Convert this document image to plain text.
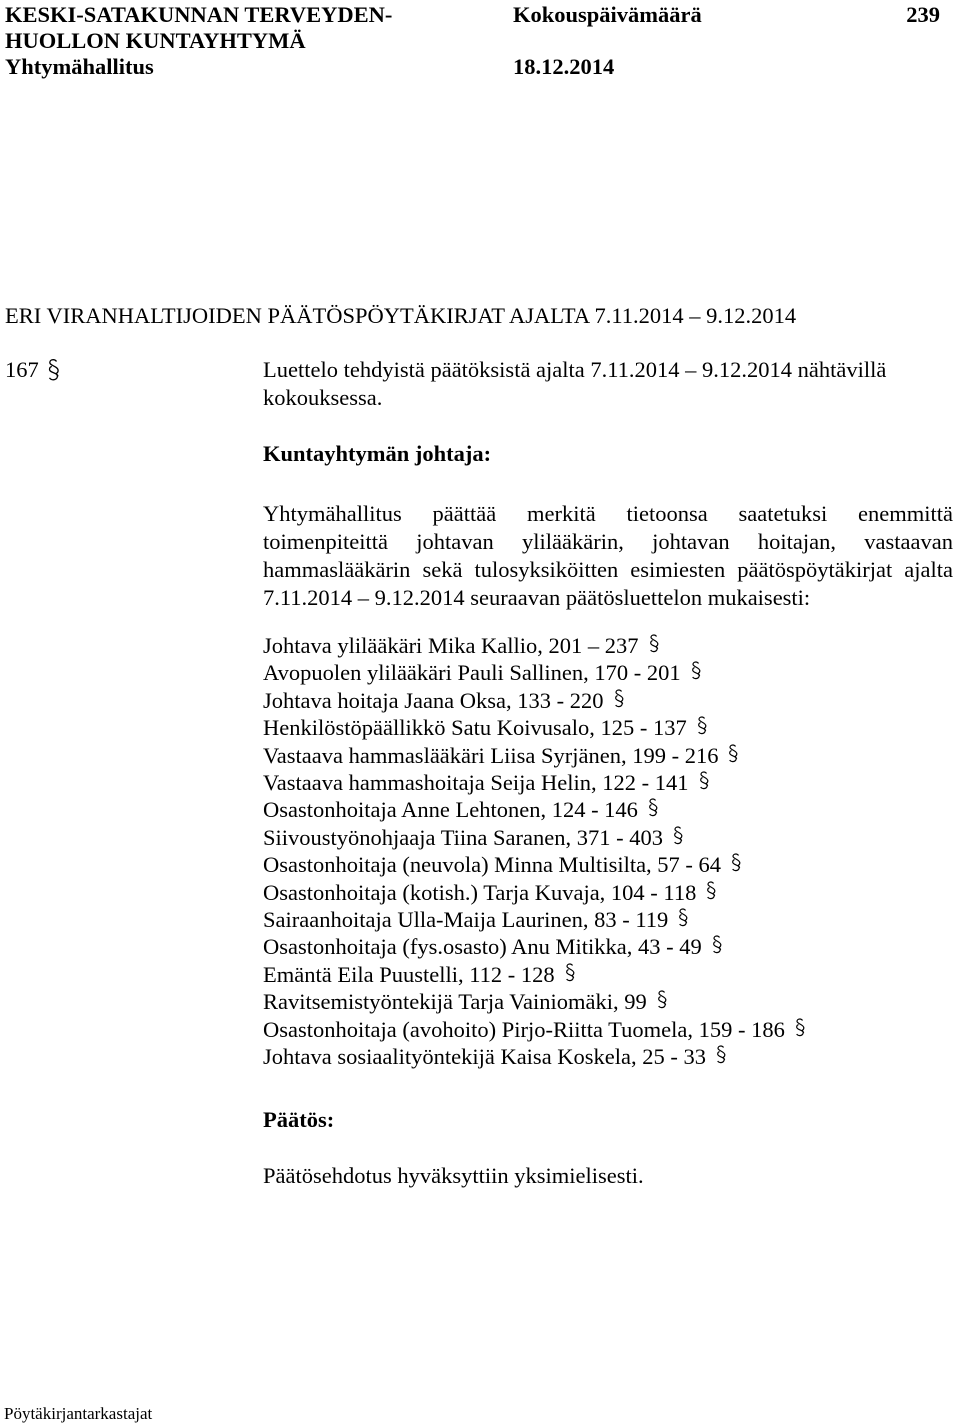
KESKI-SATAKUNNAN TERVEYDEN-
HUOLLON KUNTAYHTYMÄ
Kokouspäivämäärä	239
Yhtymähallitus	18.12.2014
ERI VIRANHALTIJOIDEN PÄÄTÖSPÖYTÄKIRJAT AJALTA 7.11.2014 – 9.12.2014
167	Luettelo tehdyistä päätöksistä ajalta 7.11.2014 – 9.12.2014 nähtävillä kokouksessa.
Kuntayhtymän johtaja:
Yhtymähallitus päättää merkitä tietoonsa saatetuksi enemmittä toimenpiteittä johtavan ylilääkärin, johtavan hoitajan, vastaavan hammaslääkärin sekä tulosyksiköitten esimiesten päätöspöytäkirjat ajalta 7.11.2014 – 9.12.2014 seuraavan päätösluettelon mukaisesti:
Johtava ylilääkäri Mika Kallio, 201 – 237
Avopuolen ylilääkäri Pauli Sallinen, 170 - 201
Johtava hoitaja Jaana Oksa, 133 - 220
Henkilöstöpäällikkö Satu Koivusalo, 125 - 137
Vastaava hammaslääkäri Liisa Syrjänen, 199 - 216
Vastaava hammashoitaja Seija Helin, 122 - 141
Osastonhoitaja Anne Lehtonen, 124 - 146
Siivoustyönohjaaja Tiina Saranen, 371 - 403
Osastonhoitaja (neuvola) Minna Multisilta, 57 - 64
Osastonhoitaja (kotish.) Tarja Kuvaja, 104 - 118
Sairaanhoitaja Ulla-Maija Laurinen, 83 - 119
Osastonhoitaja (fys.osasto) Anu Mitikka, 43 - 49
Emäntä Eila Puustelli, 112 - 128
Ravitsemistyöntekijä Tarja Vainiomäki, 99
Osastonhoitaja (avohoito) Pirjo-Riitta Tuomela, 159 - 186
Johtava sosiaalityöntekijä Kaisa Koskela, 25 - 33
Päätös:
Päätösehdotus hyväksyttiin yksimielisesti.
Pöytäkirjantarkastajat
